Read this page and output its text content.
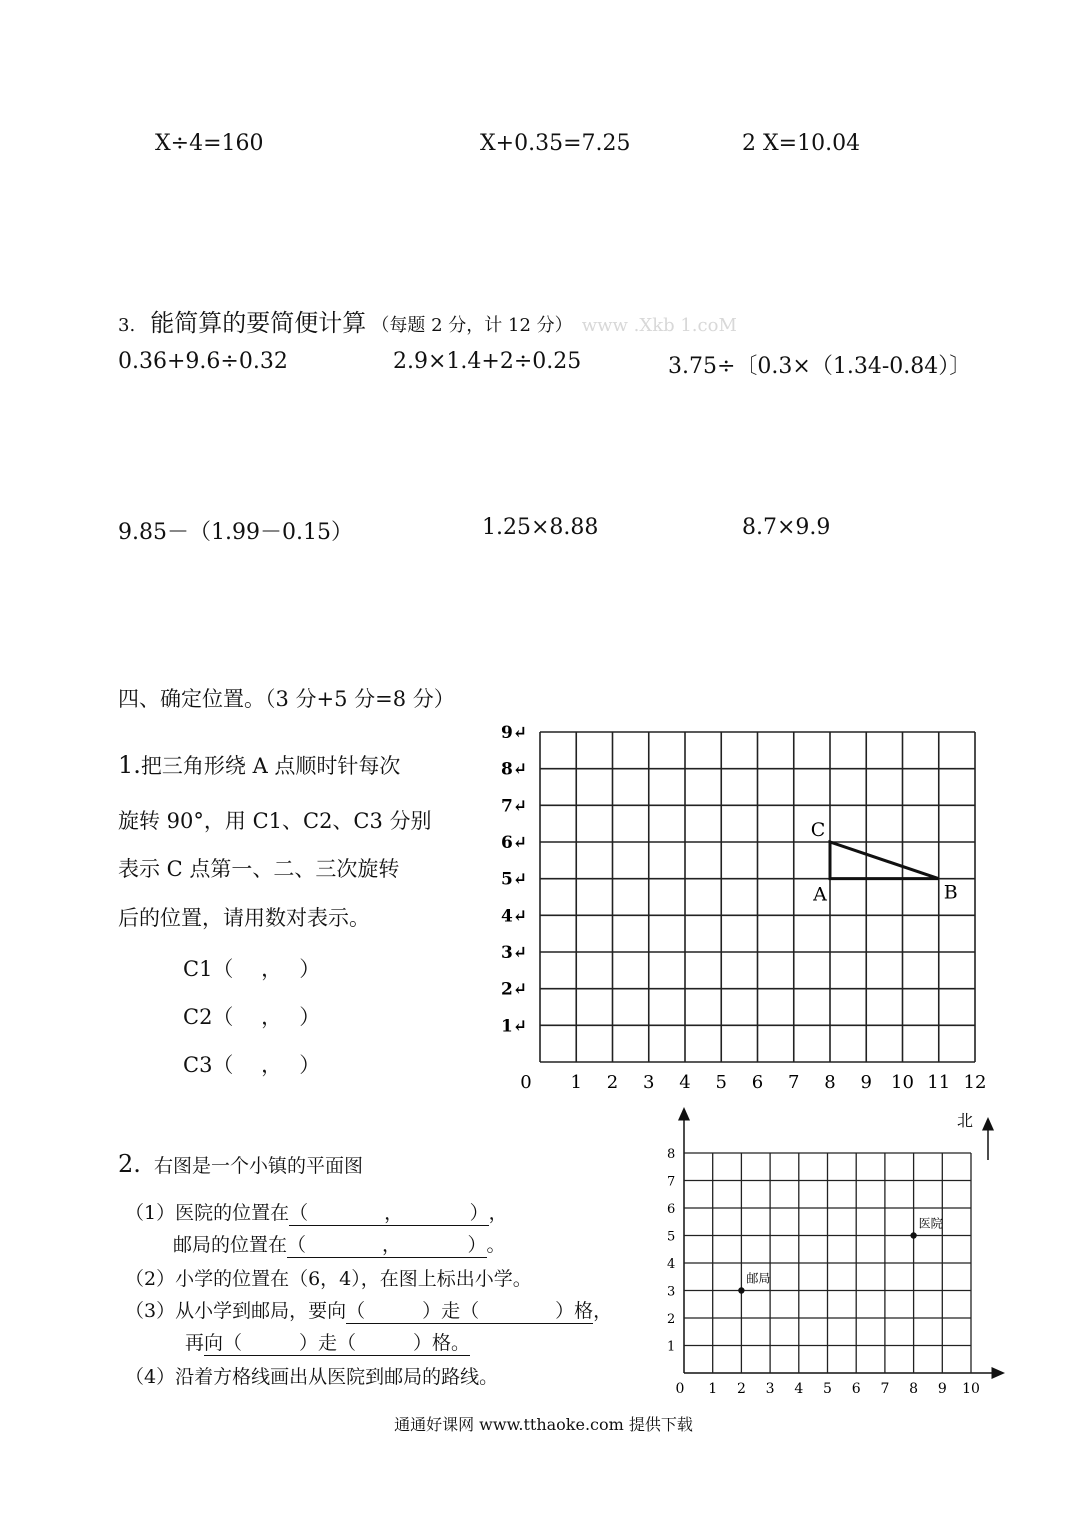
X÷4=160	X+0.35=7.25	2 X=10.04
3. 能简算的要简便计算 （每题 2 分，计 12 分） www .Xkb 1.coM
0.36+9.6÷0.32	2.9×1.4+2÷0.25	3.75÷〔0.3×（1.34-0.84）〕
9.85－（1.99－0.15）	1.25×8.88	8.7×9.9
四、确定位置。（3 分+5 分=8 分）
1.把三角形绕 A 点顺时针每次
旋转 90°，用 C1、C2、C3 分别
表示 C 点第一、二、三次旋转
后的位置，请用数对表示。
C1（　 ，　 ）
C2（　 ，　 ）
C3（　 ，　 ）
9↵
8↵
7↵
6↵
5↵
4↵
3↵
2↵
1↵
0 1 2 3 4 5 6 7 8 9 10 11 12
A	B
C
2. 右图是一个小镇的平面图
（1）医院的位置在（　　　　，　　　　），
邮局的位置在（　　　　，　　　　）。
（2）小学的位置在（6，4），在图上标出小学。
（3）从小学到邮局，要向（　　　）走（　　　　）格，
再向（　　　）走（　　　）格。
（4）沿着方格线画出从医院到邮局的路线。
北
1
2
3
4
5
6
7
8
0 1 2 3 4 5 6 7 8 9 10
医院
邮局
通通好课网 www.tthaoke.com 提供下载
